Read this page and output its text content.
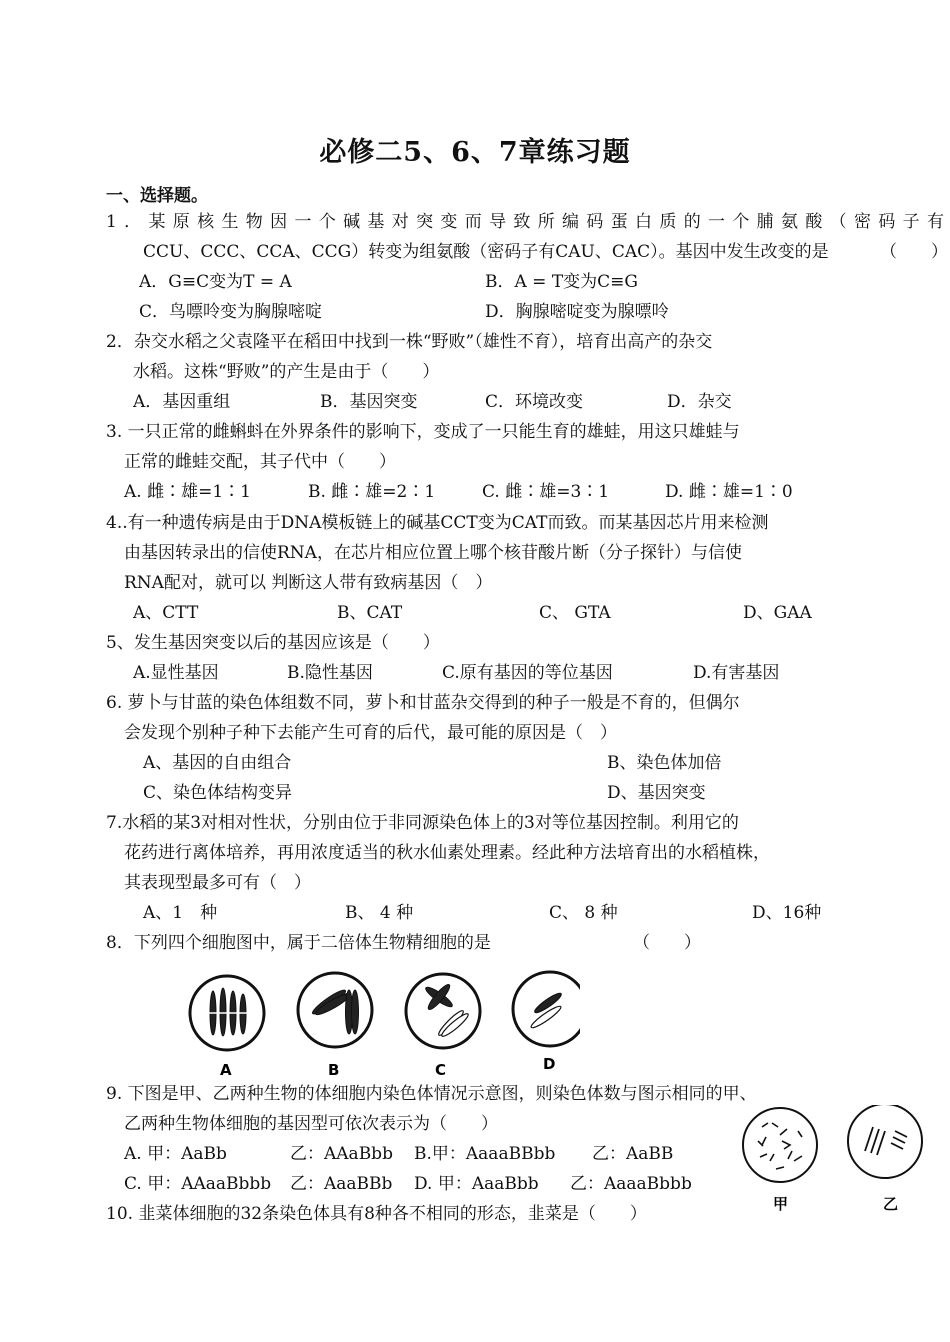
必修二5、6、7章练习题
一、选择题。
1．某原核生物因一个碱基对突变而导致所编码蛋白质的一个脯氨酸（密码子有
CCU、CCC、CCA、CCG）转变为组氨酸（密码子有CAU、CAC）。基因中发生改变的是	（　　）
A．G≡C变为T = A	B．A = T变为C≡G
C．鸟嘌呤变为胸腺嘧啶	D．胸腺嘧啶变为腺嘌呤
2．杂交水稻之父袁隆平在稻田中找到一株“野败”（雄性不育），培育出高产的杂交
水稻。这株“野败”的产生是由于（　　）
A．基因重组	B．基因突变	C．环境改变	D．杂交
3. 一只正常的雌蝌蚪在外界条件的影响下，变成了一只能生育的雄蛙，用这只雄蛙与
正常的雌蛙交配，其子代中（　　）
A. 雌∶雄=1∶1	B. 雌∶雄=2∶1	C. 雌∶雄=3∶1	D. 雌∶雄=1∶0
4..有一种遗传病是由于DNA模板链上的碱基CCT变为CAT而致。而某基因芯片用来检测
由基因转录出的信使RNA，在芯片相应位置上哪个核苷酸片断（分子探针）与信使
RNA配对，就可以 判断这人带有致病基因（　）
A、CTT	B、CAT	C、 GTA	D、GAA
5、发生基因突变以后的基因应该是（　　）
A.显性基因	B.隐性基因	C.原有基因的等位基因	D.有害基因
6. 萝卜与甘蓝的染色体组数不同，萝卜和甘蓝杂交得到的种子一般是不育的，但偶尔
会发现个别种子种下去能产生可育的后代，最可能的原因是（　）
A、基因的自由组合	B、染色体加倍
C、染色体结构变异	D、基因突变
7.水稻的某3对相对性状，分别由位于非同源染色体上的3对等位基因控制。利用它的
花药进行离体培养，再用浓度适当的秋水仙素处理素。经此种方法培育出的水稻植株，
其表现型最多可有（　）
A、1　种	B、 4 种	C、 8 种	D、16种
8．下列四个细胞图中，属于二倍体生物精细胞的是	（　　）
A	B	C	D
9. 下图是甲、乙两种生物的体细胞内染色体情况示意图，则染色体数与图示相同的甲、
乙两种生物体细胞的基因型可依次表示为（　　）
A. 甲：AaBb	乙：AAaBbb B.甲：AaaaBBbb 乙：AaBB
C. 甲：AAaaBbbb 乙：AaaBBb D. 甲：AaaBbb 乙：AaaaBbbb
甲	乙
10. 韭菜体细胞的32条染色体具有8种各不相同的形态，韭菜是（　　）
